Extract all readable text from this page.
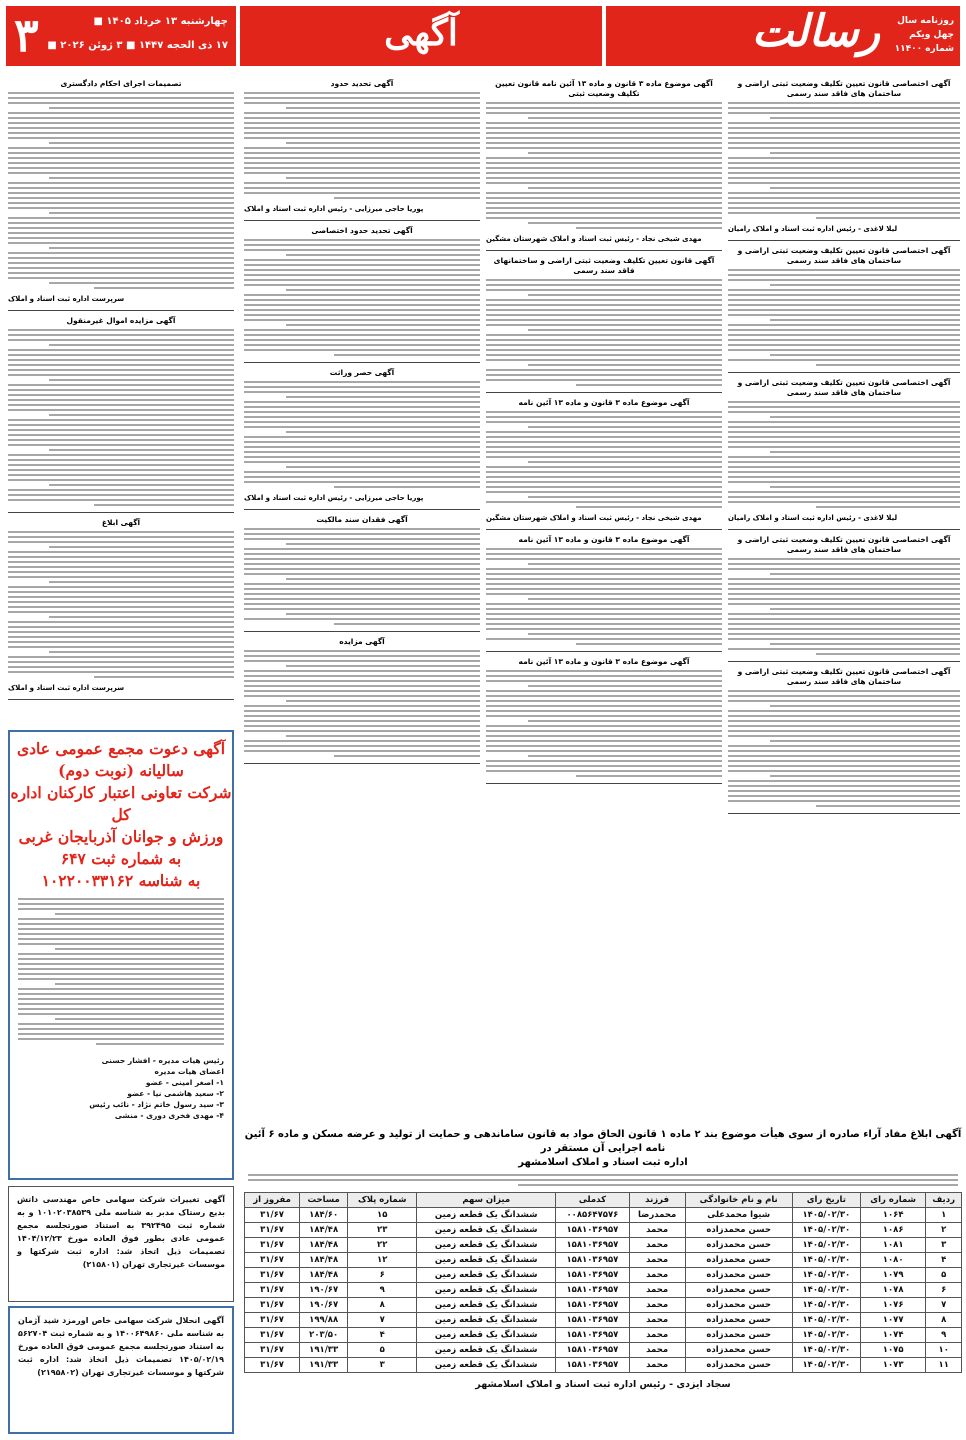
۳	چهارشنبه ۱۳ خرداد ۱۴۰۵ ■
۱۷ ذی الحجه ۱۴۴۷ ■ ۳ ژوئن ۲۰۲۶ ■	آگهی	رسالت	روزنامه سال چهل ویکم
شماره ۱۱۴۰۰
آگهی اختصاصی قانون تعیین تکلیف وضعیت ثبتی اراضی و ساختمان های فاقد سند رسمی
لیلا لاغذی - رئیس اداره ثبت اسناد و املاک رامیان
آگهی اختصاصی قانون تعیین تکلیف وضعیت ثبتی اراضی و ساختمان های فاقد سند رسمی
آگهی اختصاصی قانون تعیین تکلیف وضعیت ثبتی اراضی و ساختمان های فاقد سند رسمی
لیلا لاغذی - رئیس اداره ثبت اسناد و املاک رامیان
آگهی اختصاصی قانون تعیین تکلیف وضعیت ثبتی اراضی و ساختمان های فاقد سند رسمی
آگهی اختصاصی قانون تعیین تکلیف وضعیت ثبتی اراضی و ساختمان های فاقد سند رسمی
آگهی موضوع ماده ۳ قانون و ماده ۱۳ آئین نامه قانون تعیین تکلیف وضعیت ثبتی
مهدی شیخی نجاد - رئیس ثبت اسناد و املاک شهرستان مشگین
آگهی قانون تعیین تکلیف وضعیت ثبتی اراضی و ساختمانهای فاقد سند رسمی
آگهی موضوع ماده ۳ قانون و ماده ۱۳ آئین نامه
مهدی شیخی نجاد - رئیس ثبت اسناد و املاک شهرستان مشگین
آگهی موضوع ماده ۳ قانون و ماده ۱۳ آئین نامه
آگهی موضوع ماده ۳ قانون و ماده ۱۳ آئین نامه
آگهی تحدید حدود
پوریا حاجی میرزایی - رئیس اداره ثبت اسناد و املاک
آگهی تحدید حدود اختصاصی
آگهی حصر وراثت
پوریا حاجی میرزایی - رئیس اداره ثبت اسناد و املاک
آگهی فقدان سند مالکیت
آگهی مزایده
تصمیمات اجرای احکام دادگستری
سرپرست اداره ثبت اسناد و املاک
آگهی مزایده اموال غیرمنقول
آگهی ابلاغ
سرپرست اداره ثبت اسناد و املاک
آگهی دعوت مجمع عمومی عادی
سالیانه (نوبت دوم)
شرکت تعاونی اعتبار کارکنان اداره کل
ورزش و جوانان آذربایجان غربی
به شماره ثبت ۶۴۷
به شناسه ۱۰۲۲۰۰۳۳۱۶۲
رئیس هیات مدیره - افشار حسنی
اعضای هیات مدیره
۱- اصغر امینی - عضو
۲- سعید هاشمی نیا - عضو
۳- سید رسول خاتم نژاد - نائب رئیس
۴- مهدی فخری دوری - منشی
آگهی تغییرات شرکت سهامی خاص مهندسی داتش بدیع رستاک مدبر به شناسه ملی ۱۰۱۰۲۰۳۸۵۳۹ و به شماره ثبت ۳۹۲۴۹۵ به استناد صورتجلسه مجمع عمومی عادی بطور فوق العاده مورخ ۱۴۰۴/۱۲/۲۳ تصمیمات ذیل اتخاذ شد: اداره ثبت شرکتها و موسسات غیرتجاری تهران (۲۱۵۸۰۱)
آگهی انحلال شرکت سهامی خاص اورمزد شید آژمان به شناسه ملی ۱۴۰۰۶۴۹۸۶۰ و به شماره ثبت ۵۶۲۷۰۴ به استناد صورتجلسه مجمع عمومی فوق العاده مورخ ۱۴۰۵/۰۲/۱۹ تصمیمات ذیل اتخاذ شد: اداره ثبت شرکتها و موسسات غیرتجاری تهران (۲۱۹۵۸۰۲)
آگهی ابلاغ مفاد آراء صادره از سوی هیأت موضوع بند ۲ ماده ۱ قانون الحاق مواد به قانون ساماندهی و حمایت از تولید و عرضه مسکن و ماده ۶ آئین نامه اجرایی آن مستقر در
اداره ثبت اسناد و املاک اسلامشهر
ردیف	شماره رای	تاریخ رای	نام و نام خانوادگی	فرزند	کدملی	میزان سهم	شماره پلاک	مساحت	مفروز از
۱	۱۰۶۴	۱۴۰۵/۰۲/۳۰	شیوا محمدعلی	محمدرضا	۰۰۸۵۶۴۷۵۷۶	ششدانگ یک قطعه زمین	۱۵	۱۸۴/۶۰	۳۱/۶۷
۲	۱۰۸۶	۱۴۰۵/۰۲/۳۰	حسن محمدزاده	محمد	۱۵۸۱۰۳۶۹۵۷	ششدانگ یک قطعه زمین	۲۳	۱۸۴/۴۸	۳۱/۶۷
۳	۱۰۸۱	۱۴۰۵/۰۲/۳۰	حسن محمدزاده	محمد	۱۵۸۱۰۳۶۹۵۷	ششدانگ یک قطعه زمین	۲۲	۱۸۴/۴۸	۳۱/۶۷
۴	۱۰۸۰	۱۴۰۵/۰۲/۳۰	حسن محمدزاده	محمد	۱۵۸۱۰۳۶۹۵۷	ششدانگ یک قطعه زمین	۱۲	۱۸۴/۴۸	۳۱/۶۷
۵	۱۰۷۹	۱۴۰۵/۰۲/۳۰	حسن محمدزاده	محمد	۱۵۸۱۰۳۶۹۵۷	ششدانگ یک قطعه زمین	۶	۱۸۴/۴۸	۳۱/۶۷
۶	۱۰۷۸	۱۴۰۵/۰۲/۳۰	حسن محمدزاده	محمد	۱۵۸۱۰۳۶۹۵۷	ششدانگ یک قطعه زمین	۹	۱۹۰/۶۷	۳۱/۶۷
۷	۱۰۷۶	۱۴۰۵/۰۲/۳۰	حسن محمدزاده	محمد	۱۵۸۱۰۳۶۹۵۷	ششدانگ یک قطعه زمین	۸	۱۹۰/۶۷	۳۱/۶۷
۸	۱۰۷۷	۱۴۰۵/۰۲/۳۰	حسن محمدزاده	محمد	۱۵۸۱۰۳۶۹۵۷	ششدانگ یک قطعه زمین	۷	۱۹۹/۸۸	۳۱/۶۷
۹	۱۰۷۴	۱۴۰۵/۰۲/۳۰	حسن محمدزاده	محمد	۱۵۸۱۰۳۶۹۵۷	ششدانگ یک قطعه زمین	۴	۲۰۳/۵۰	۳۱/۶۷
۱۰	۱۰۷۵	۱۴۰۵/۰۲/۳۰	حسن محمدزاده	محمد	۱۵۸۱۰۳۶۹۵۷	ششدانگ یک قطعه زمین	۵	۱۹۱/۳۳	۳۱/۶۷
۱۱	۱۰۷۳	۱۴۰۵/۰۲/۳۰	حسن محمدزاده	محمد	۱۵۸۱۰۳۶۹۵۷	ششدانگ یک قطعه زمین	۳	۱۹۱/۳۳	۳۱/۶۷
سجاد ایزدی - رئیس اداره ثبت اسناد و املاک اسلامشهر
